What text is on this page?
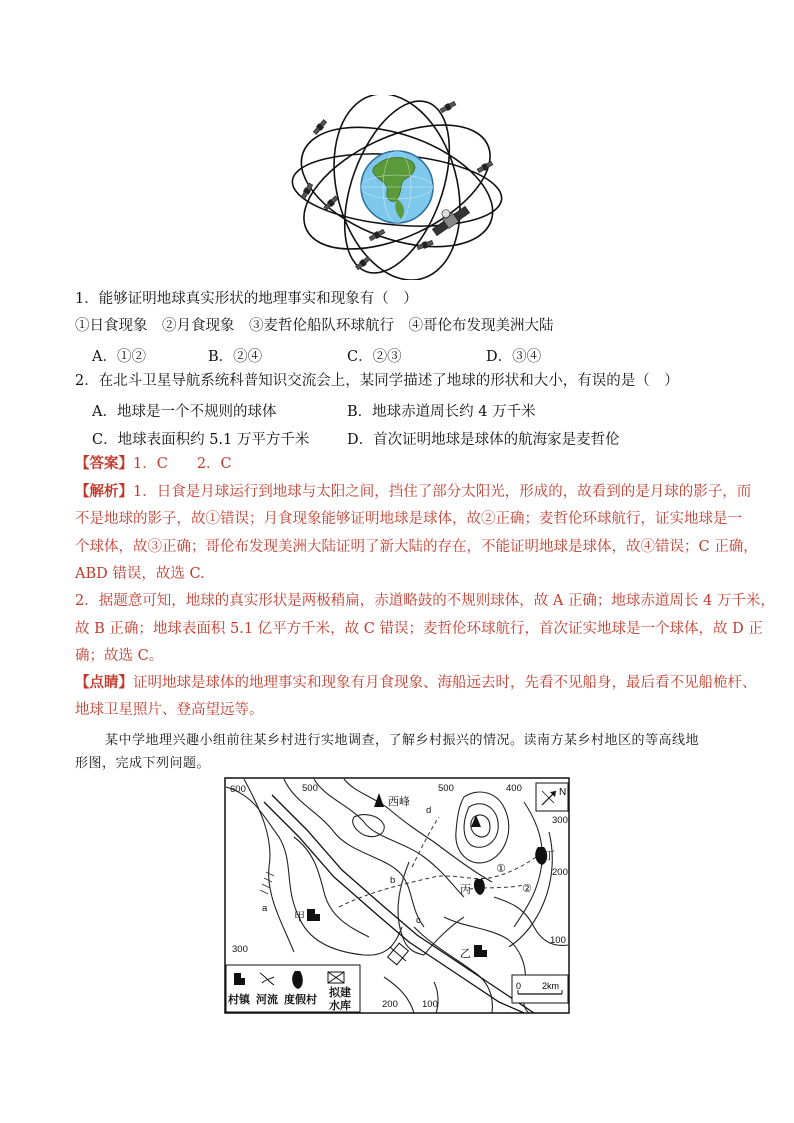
1．能够证明地球真实形状的地理事实和现象有（　）
①日食现象　②月食现象　③麦哲伦船队环球航行　④哥伦布发现美洲大陆
A．①②	B．②④	C．②③	D．③④
2．在北斗卫星导航系统科普知识交流会上，某同学描述了地球的形状和大小，有误的是（　）
A．地球是一个不规则的球体	B．地球赤道周长约 4 万千米
C．地球表面积约 5.1 万平方千米	D．首次证明地球是球体的航海家是麦哲伦
【答案】1．C　　2．C
【解析】1．日食是月球运行到地球与太阳之间，挡住了部分太阳光，形成的，故看到的是月球的影子，而
不是地球的影子，故①错误；月食现象能够证明地球是球体，故②正确；麦哲伦环球航行，证实地球是一
个球体，故③正确；哥伦布发现美洲大陆证明了新大陆的存在，不能证明地球是球体，故④错误；C 正确，
ABD 错误，故选 C.
2．据题意可知，地球的真实形状是两极稍扁，赤道略鼓的不规则球体，故 A 正确；地球赤道周长 4 万千米，
故 B 正确；地球表面积 5.1 亿平方千米，故 C 错误；麦哲伦环球航行，首次证实地球是一个球体，故 D 正
确；故选 C。
【点睛】证明地球是球体的地理事实和现象有月食现象、海船远去时，先看不见船身，最后看不见船桅杆、
地球卫星照片、登高望远等。
某中学地理兴趣小组前往某乡村进行实地调查，了解乡村振兴的情况。读南方某乡村地区的等高线地
形图，完成下列问题。
600	500	500	400
300
200
100
300
200	100
d
b
c
a
西峰
甲
乙
丙
丁
①
②
N
0 2km
村镇 河流 度假村
拟建
水库
